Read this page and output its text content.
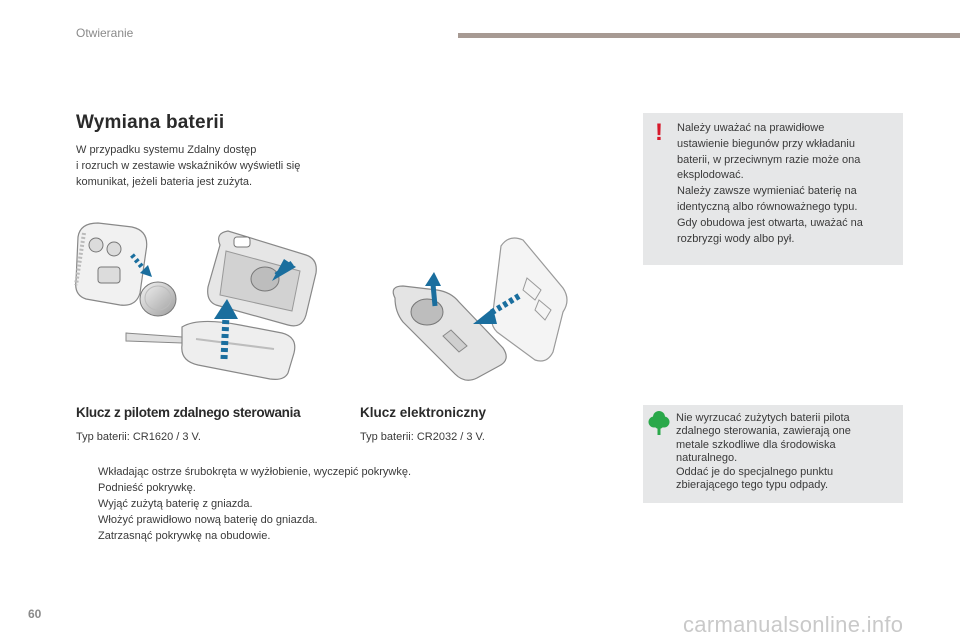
Otwieranie
Wymiana baterii
W przypadku systemu Zdalny dostęp
i rozruch w zestawie wskaźników wyświetli się
komunikat, jeżeli bateria jest zużyta.
! Należy uważać na prawidłowe
ustawienie biegunów przy wkładaniu
baterii, w przeciwnym razie może ona
eksplodować.
Należy zawsze wymieniać baterię na
identyczną albo równoważnego typu.
Gdy obudowa jest otwarta, uważać na
rozbryzgi wody albo pył.
Nie wyrzucać zużytych baterii pilota
zdalnego sterowania, zawierają one
metale szkodliwe dla środowiska
naturalnego.
Oddać je do specjalnego punktu
zbierającego tego typu odpady.
Klucz z pilotem zdalnego sterowania
Typ baterii: CR1620 / 3 V.
Klucz elektroniczny
Typ baterii: CR2032 / 3 V.
Wkładając ostrze śrubokręta w wyżłobienie, wyczepić pokrywkę.
Podnieść pokrywkę.
Wyjąć zużytą baterię z gniazda.
Włożyć prawidłowo nową baterię do gniazda.
Zatrzasnąć pokrywkę na obudowie.
60	carmanualsonline.info
